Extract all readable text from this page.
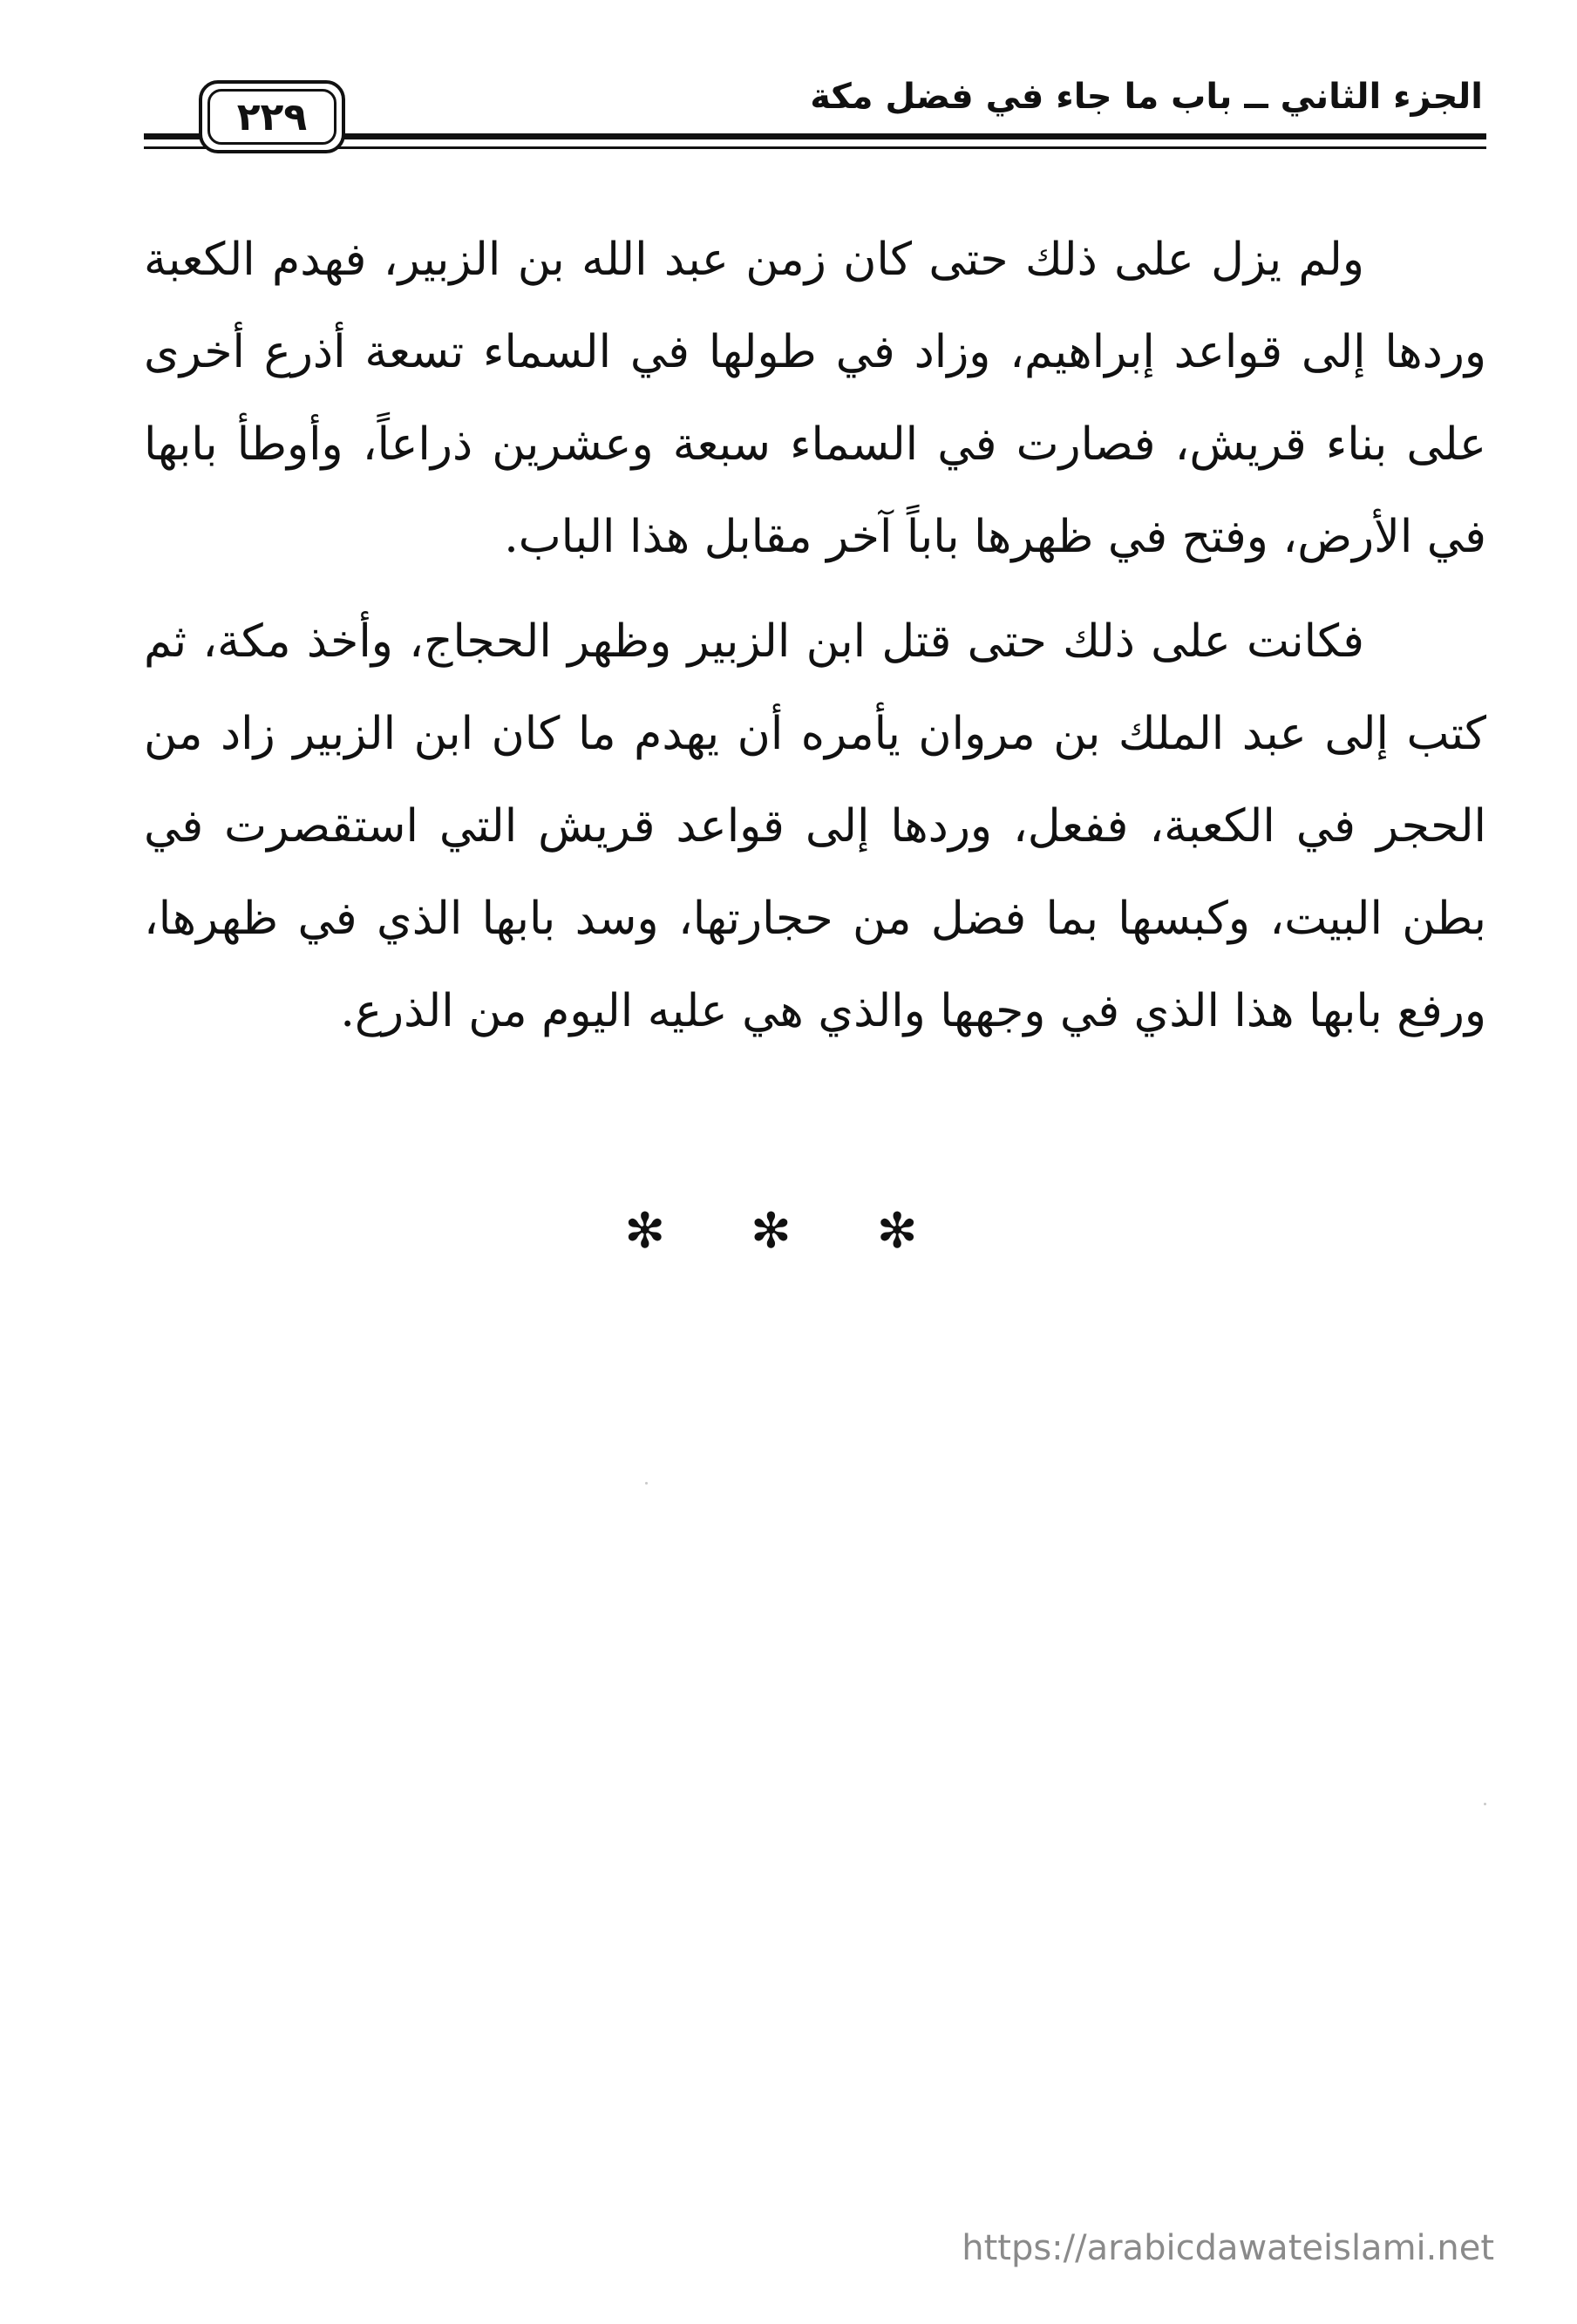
الجزء الثاني ــ باب ما جاء في فضل مكة
٢٢٩

ولم يزل على ذلك حتى كان زمن عبد الله بن الزبير، فهدم الكعبة وردها إلى قواعد إبراهيم، وزاد في طولها في السماء تسعة أذرع أخرى على بناء قريش، فصارت في السماء سبعة وعشرين ذراعاً، وأوطأ بابها في الأرض، وفتح في ظهرها باباً آخر مقابل هذا الباب.

فكانت على ذلك حتى قتل ابن الزبير وظهر الحجاج، وأخذ مكة، ثم كتب إلى عبد الملك بن مروان يأمره أن يهدم ما كان ابن الزبير زاد من الحجر في الكعبة، ففعل، وردها إلى قواعد قريش التي استقصرت في بطن البيت، وكبسها بما فضل من حجارتها، وسد بابها الذي في ظهرها، ورفع بابها هذا الذي في وجهها والذي هي عليه اليوم من الذرع.

✻ ✻ ✻
https://arabicdawateislami.net
